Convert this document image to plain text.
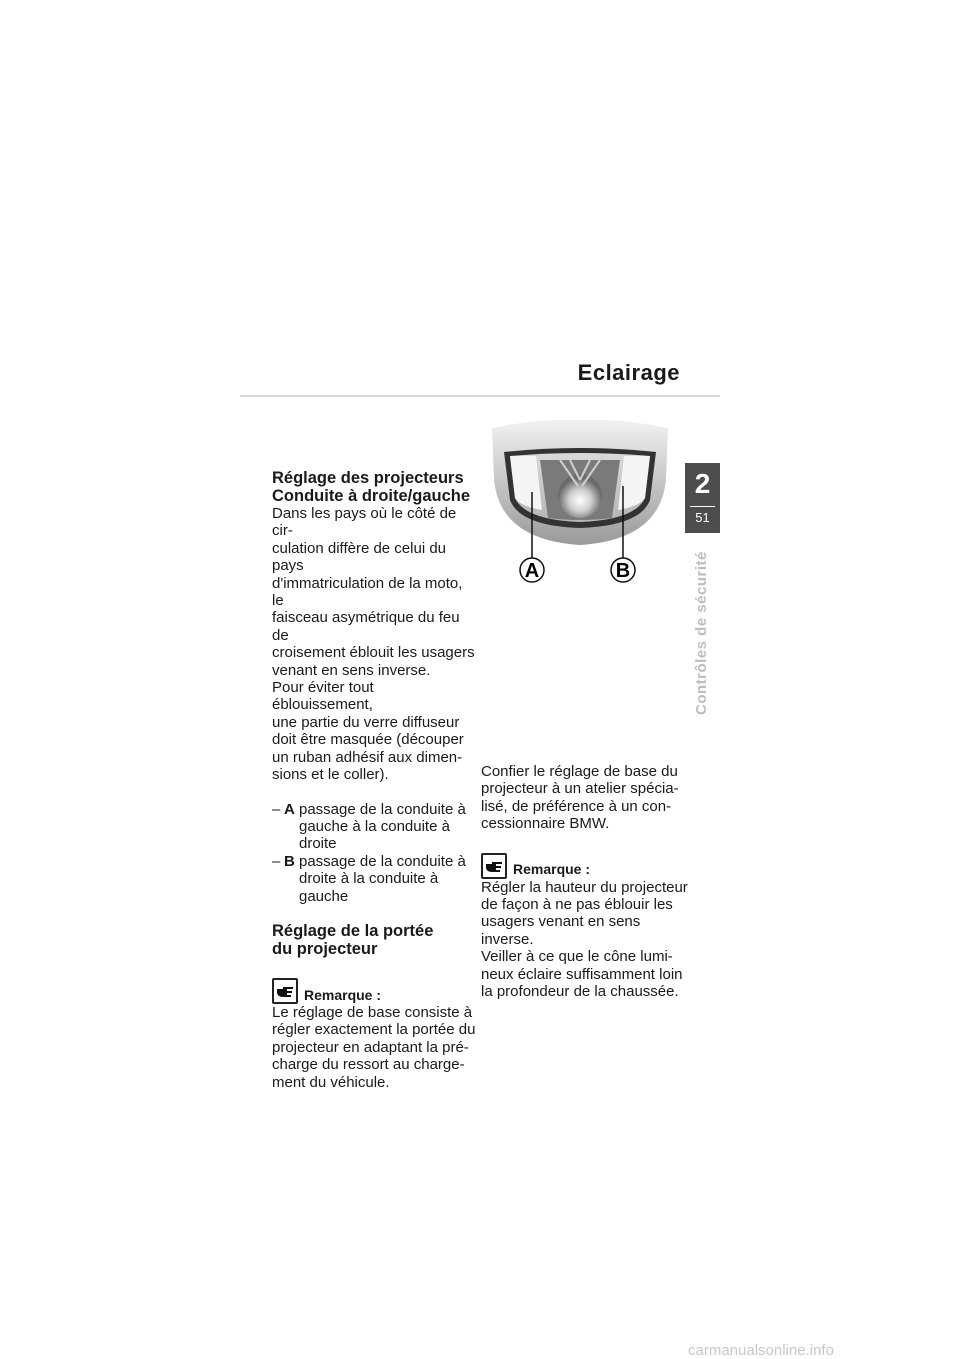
Eclairage
2
51
Contrôles de sécurité
A	B
Réglage des projecteurs
Conduite à droite/gauche
Dans les pays où le côté de cir-
culation diffère de celui du pays
d'immatriculation de la moto, le
faisceau asymétrique du feu de
croisement éblouit les usagers
venant en sens inverse.
Pour éviter tout éblouissement,
une partie du verre diffuseur
doit être masquée (découper
un ruban adhésif aux dimen-
sions et le coller).
– A passage de la conduite à
gauche à la conduite à
droite
– B passage de la conduite à
droite à la conduite à
gauche
Réglage de la portée
du projecteur
Remarque :
Le réglage de base consiste à
régler exactement la portée du
projecteur en adaptant la pré-
charge du ressort au charge-
ment du véhicule.
Confier le réglage de base du
projecteur à un atelier spécia-
lisé, de préférence à un con-
cessionnaire BMW.
Remarque :
Régler la hauteur du projecteur
de façon à ne pas éblouir les
usagers venant en sens
inverse.
Veiller à ce que le cône lumi-
neux éclaire suffisamment loin
la profondeur de la chaussée.
carmanualsonline.info
